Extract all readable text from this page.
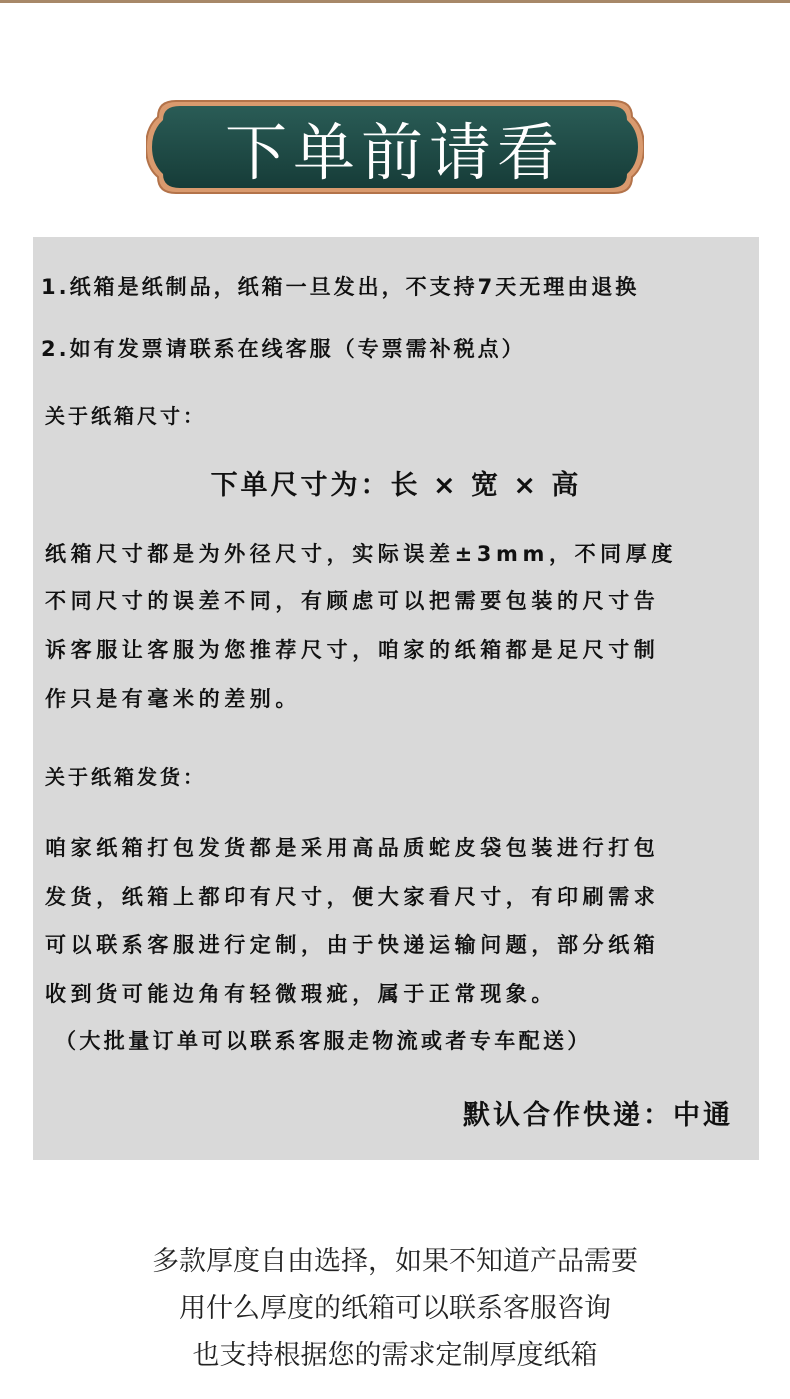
下单前请看

1.纸箱是纸制品，纸箱一旦发出，不支持7天无理由退换

2.如有发票请联系在线客服（专票需补税点）

关于纸箱尺寸：

下单尺寸为：长 × 宽 × 高

纸箱尺寸都是为外径尺寸，实际误差±3mm，不同厚度

不同尺寸的误差不同，有顾虑可以把需要包装的尺寸告

诉客服让客服为您推荐尺寸，咱家的纸箱都是足尺寸制

作只是有毫米的差别。

关于纸箱发货：

咱家纸箱打包发货都是采用高品质蛇皮袋包装进行打包

发货，纸箱上都印有尺寸，便大家看尺寸，有印刷需求

可以联系客服进行定制，由于快递运输问题，部分纸箱

收到货可能边角有轻微瑕疵，属于正常现象。

（大批量订单可以联系客服走物流或者专车配送）

默认合作快递：中通

多款厚度自由选择，如果不知道产品需要

用什么厚度的纸箱可以联系客服咨询

也支持根据您的需求定制厚度纸箱
